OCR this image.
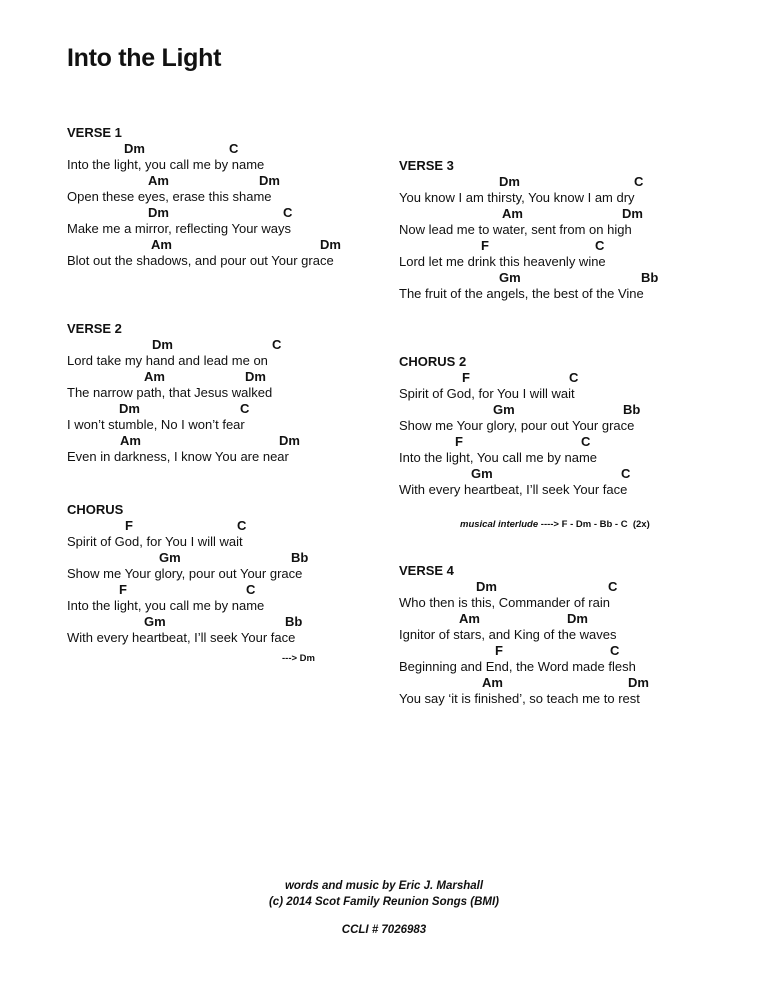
Into the Light
VERSE 1
Dm	C
Into the light, you call me by name
Am	Dm
Open these eyes, erase this shame
Dm	C
Make me a mirror, reflecting Your ways
Am	Dm
Blot out the shadows, and pour out Your grace
VERSE 2
Dm	C
Lord take my hand and lead me on
Am	Dm
The narrow path, that Jesus walked
Dm	C
I won’t stumble, No I won’t fear
Am	Dm
Even in darkness, I know You are near
CHORUS
F	C
Spirit of God, for You I will wait
Gm	Bb
Show me Your glory, pour out Your grace
F	C
Into the light, you call me by name
Gm	Bb
With every heartbeat, I’ll seek Your face
---> Dm
VERSE 3
Dm	C
You know I am thirsty, You know I am dry
Am	Dm
Now lead me to water, sent from on high
F	C
Lord let me drink this heavenly wine
Gm	Bb
The fruit of the angels, the best of the Vine
CHORUS 2
F	C
Spirit of God, for You I will wait
Gm	Bb
Show me Your glory, pour out Your grace
F	C
Into the light, You call me by name
Gm	C
With every heartbeat, I’ll seek Your face
musical interlude ----> F - Dm - Bb - C  (2x)
VERSE 4
Dm	C
Who then is this, Commander of rain
Am	Dm
Ignitor of stars, and King of the waves
F	C
Beginning and End, the Word made flesh
Am	Dm
You say ‘it is finished’, so teach me to rest
words and music by Eric J. Marshall
(c) 2014 Scot Family Reunion Songs (BMI)
CCLI # 7026983
